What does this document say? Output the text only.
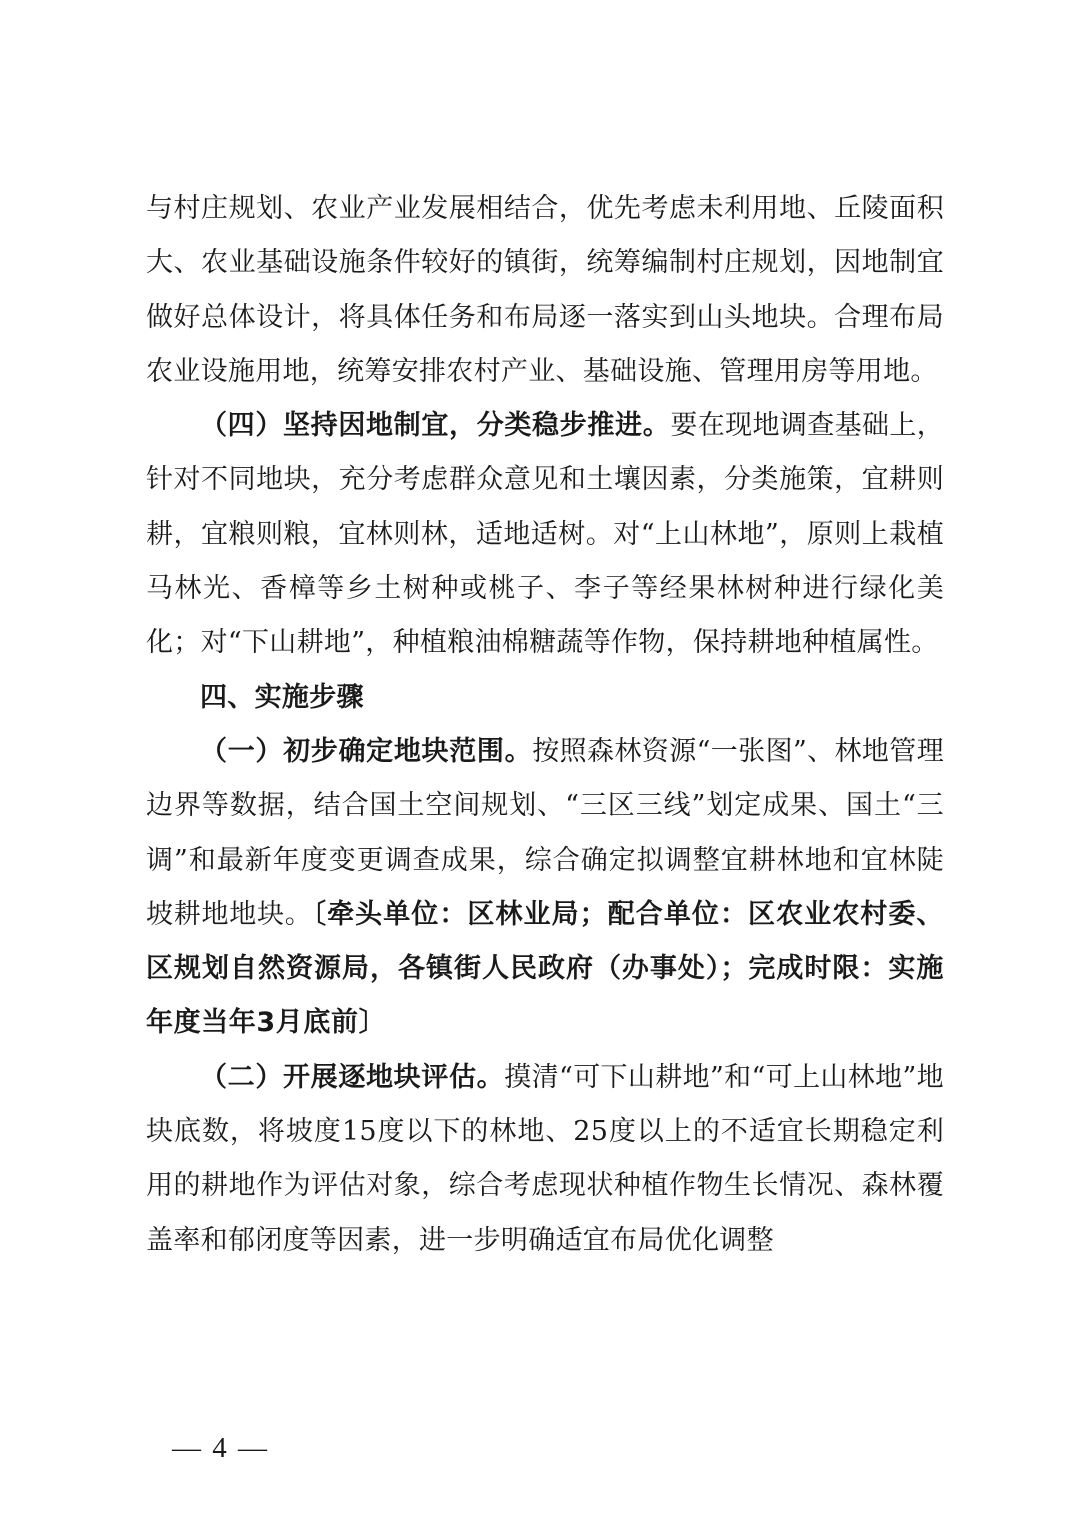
与村庄规划、农业产业发展相结合，优先考虑未利用地、丘陵面积大、农业基础设施条件较好的镇街，统筹编制村庄规划，因地制宜做好总体设计，将具体任务和布局逐一落实到山头地块。合理布局农业设施用地，统筹安排农村产业、基础设施、管理用房等用地。

（四）坚持因地制宜，分类稳步推进。要在现地调查基础上，针对不同地块，充分考虑群众意见和土壤因素，分类施策，宜耕则耕，宜粮则粮，宜林则林，适地适树。对“上山林地”，原则上栽植马林光、香樟等乡土树种或桃子、李子等经果林树种进行绿化美化；对“下山耕地”，种植粮油棉糖蔬等作物，保持耕地种植属性。

四、实施步骤

（一）初步确定地块范围。按照森林资源“一张图”、林地管理边界等数据，结合国土空间规划、“三区三线”划定成果、国土“三调”和最新年度变更调查成果，综合确定拟调整宜耕林地和宜林陡坡耕地地块。〔牵头单位：区林业局；配合单位：区农业农村委、区规划自然资源局，各镇街人民政府（办事处）；完成时限：实施年度当年3月底前〕

（二）开展逐地块评估。摸清“可下山耕地”和“可上山林地”地块底数，将坡度15度以下的林地、25度以上的不适宜长期稳定利用的耕地作为评估对象，综合考虑现状种植作物生长情况、森林覆盖率和郁闭度等因素，进一步明确适宜布局优化调整

— 4 —
